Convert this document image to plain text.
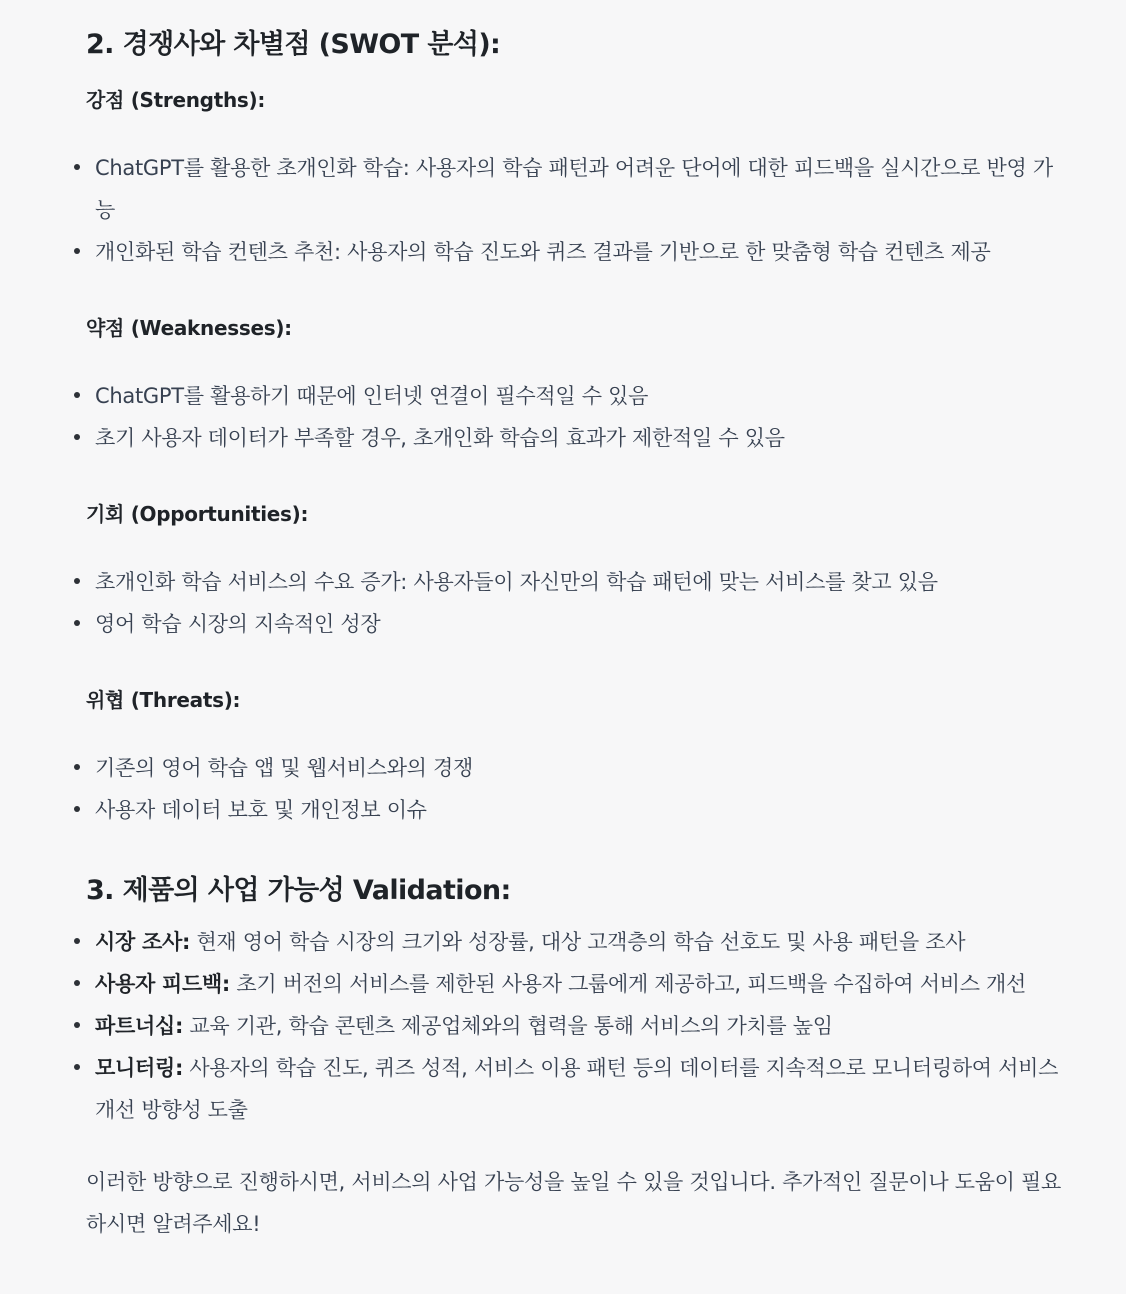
2. 경쟁사와 차별점 (SWOT 분석):
강점 (Strengths):
ChatGPT를 활용한 초개인화 학습: 사용자의 학습 패턴과 어려운 단어에 대한 피드백을 실시간으로 반영 가능
개인화된 학습 컨텐츠 추천: 사용자의 학습 진도와 퀴즈 결과를 기반으로 한 맞춤형 학습 컨텐츠 제공
약점 (Weaknesses):
ChatGPT를 활용하기 때문에 인터넷 연결이 필수적일 수 있음
초기 사용자 데이터가 부족할 경우, 초개인화 학습의 효과가 제한적일 수 있음
기회 (Opportunities):
초개인화 학습 서비스의 수요 증가: 사용자들이 자신만의 학습 패턴에 맞는 서비스를 찾고 있음
영어 학습 시장의 지속적인 성장
위협 (Threats):
기존의 영어 학습 앱 및 웹서비스와의 경쟁
사용자 데이터 보호 및 개인정보 이슈
3. 제품의 사업 가능성 Validation:
시장 조사: 현재 영어 학습 시장의 크기와 성장률, 대상 고객층의 학습 선호도 및 사용 패턴을 조사
사용자 피드백: 초기 버전의 서비스를 제한된 사용자 그룹에게 제공하고, 피드백을 수집하여 서비스 개선
파트너십: 교육 기관, 학습 콘텐츠 제공업체와의 협력을 통해 서비스의 가치를 높임
모니터링: 사용자의 학습 진도, 퀴즈 성적, 서비스 이용 패턴 등의 데이터를 지속적으로 모니터링하여 서비스 개선 방향성 도출
이러한 방향으로 진행하시면, 서비스의 사업 가능성을 높일 수 있을 것입니다. 추가적인 질문이나 도움이 필요하시면 알려주세요!
